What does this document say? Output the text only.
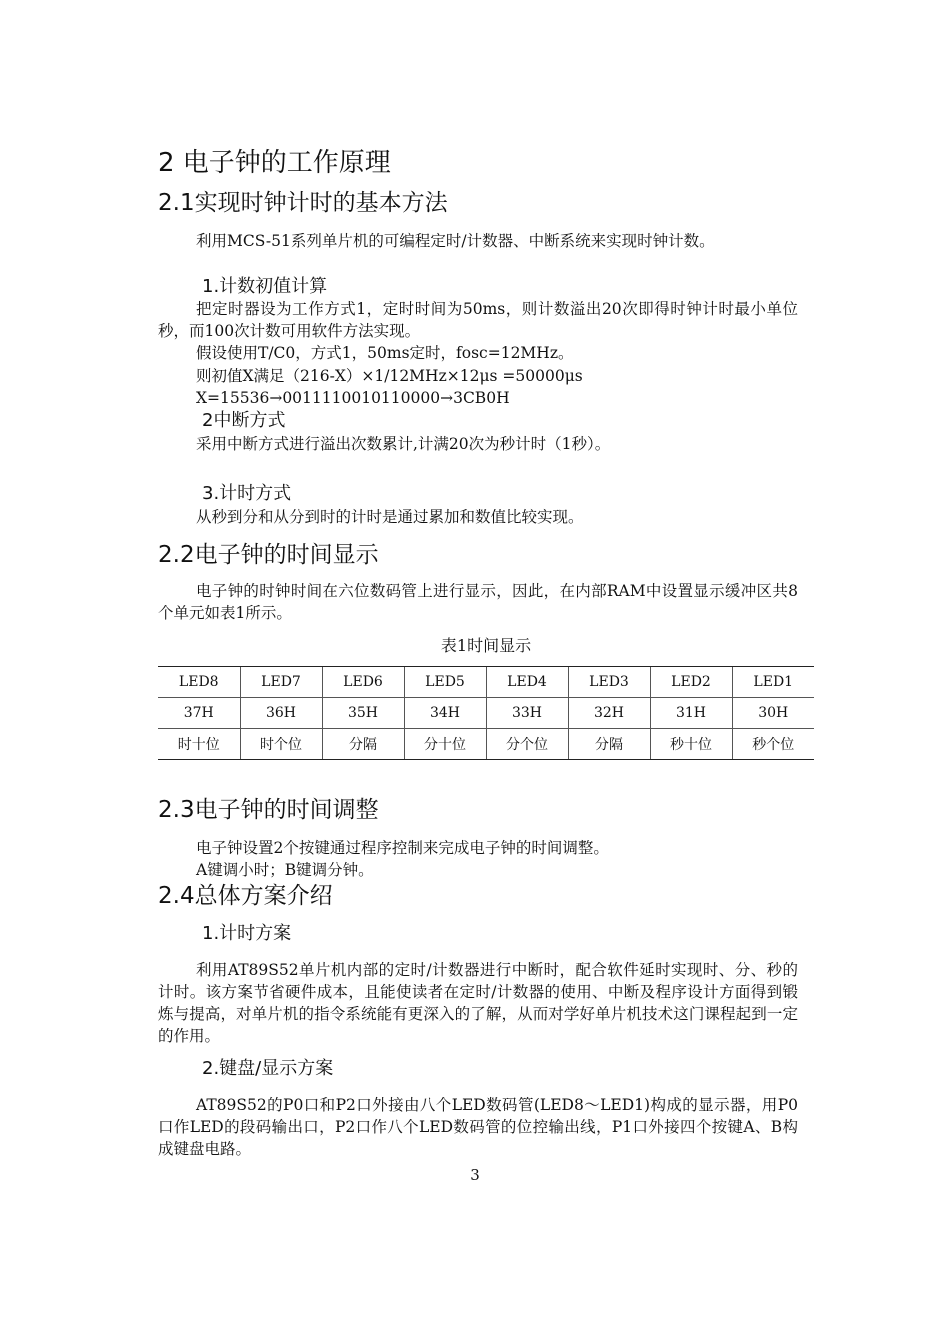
2 电子钟的工作原理
2.1实现时钟计时的基本方法
利用MCS-51系列单片机的可编程定时/计数器、中断系统来实现时钟计数。
1.计数初值计算
把定时器设为工作方式1，定时时间为50ms，则计数溢出20次即得时钟计时最小单位秒，而100次计数可用软件方法实现。
假设使用T/C0，方式1，50ms定时，fosc=12MHz。
则初值X满足（216-X）×1/12MHz×12μs =50000μs
X=15536→0011110010110000→3CB0H
2中断方式
采用中断方式进行溢出次数累计,计满20次为秒计时（1秒）。
3.计时方式
从秒到分和从分到时的计时是通过累加和数值比较实现。
2.2电子钟的时间显示
电子钟的时钟时间在六位数码管上进行显示，因此，在内部RAM中设置显示缓冲区共8个单元如表1所示。
表1时间显示
LED8	LED7	LED6	LED5	LED4	LED3	LED2	LED1
37H	36H	35H	34H	33H	32H	31H	30H
时十位	时个位	分隔	分十位	分个位	分隔	秒十位	秒个位
2.3电子钟的时间调整
电子钟设置2个按键通过程序控制来完成电子钟的时间调整。
A键调小时；B键调分钟。
2.4总体方案介绍
1.计时方案
利用AT89S52单片机内部的定时/计数器进行中断时，配合软件延时实现时、分、秒的计时。该方案节省硬件成本，且能使读者在定时/计数器的使用、中断及程序设计方面得到锻炼与提高，对单片机的指令系统能有更深入的了解，从而对学好单片机技术这门课程起到一定的作用。
2.键盘/显示方案
AT89S52的P0口和P2口外接由八个LED数码管(LED8～LED1)构成的显示器，用P0口作LED的段码输出口，P2口作八个LED数码管的位控输出线，P1口外接四个按键A、B构成键盘电路。
3
